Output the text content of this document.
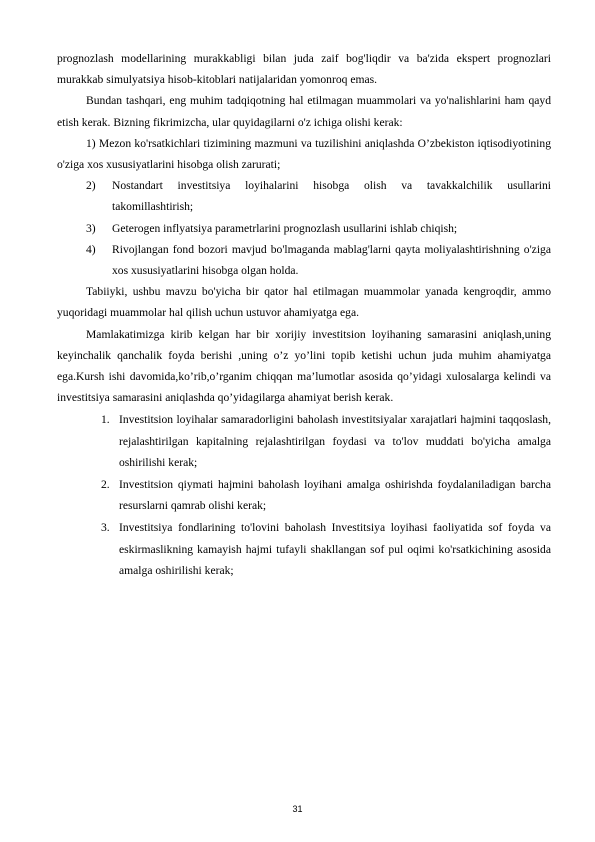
prognozlash modellarining murakkabligi bilan juda zaif bog'liqdir va ba'zida ekspert prognozlari murakkab simulyatsiya hisob-kitoblari natijalaridan yomonroq emas.

Bundan tashqari, eng muhim tadqiqotning hal etilmagan muammolari va yo'nalishlarini ham qayd etish kerak. Bizning fikrimizcha, ular quyidagilarni o'z ichiga olishi kerak:

1) Mezon ko'rsatkichlari tizimining mazmuni va tuzilishini aniqlashda O’zbekiston iqtisodiyotining o'ziga xos xususiyatlarini hisobga olish zarurati;

2)	Nostandart investitsiya loyihalarini hisobga olish va tavakkalchilik usullarini takomillashtirish;
3)	Geterogen inflyatsiya parametrlarini prognozlash usullarini ishlab chiqish;
4)	Rivojlangan fond bozori mavjud bo'lmaganda mablag'larni qayta moliyalashtirishning o'ziga xos xususiyatlarini hisobga olgan holda.

Tabiiyki, ushbu mavzu bo'yicha bir qator hal etilmagan muammolar yanada kengroqdir, ammo yuqoridagi muammolar hal qilish uchun ustuvor ahamiyatga ega.

Mamlakatimizga kirib kelgan har bir xorijiy investitsion loyihaning samarasini aniqlash,uning keyinchalik qanchalik foyda berishi ,uning o’z yo’lini topib ketishi uchun juda muhim ahamiyatga ega.Kursh ishi davomida,ko’rib,o’rganim chiqqan ma’lumotlar asosida qo’yidagi xulosalarga kelindi va investitsiya samarasini aniqlashda qo’yidagilarga ahamiyat berish kerak.

1. Investitsion loyihalar samaradorligini baholash investitsiyalar xarajatlari hajmini taqqoslash, rejalashtirilgan kapitalning rejalashtirilgan foydasi va to'lov muddati bo'yicha amalga oshirilishi kerak;
2. Investitsion qiymati hajmini baholash loyihani amalga oshirishda foydalaniladigan barcha resurslarni qamrab olishi kerak;
3. Investitsiya fondlarining to'lovini baholash Investitsiya loyihasi faoliyatida sof foyda va eskirmaslikning kamayish hajmi tufayli shakllangan sof pul oqimi ko'rsatkichining asosida amalga oshirilishi kerak;
31
